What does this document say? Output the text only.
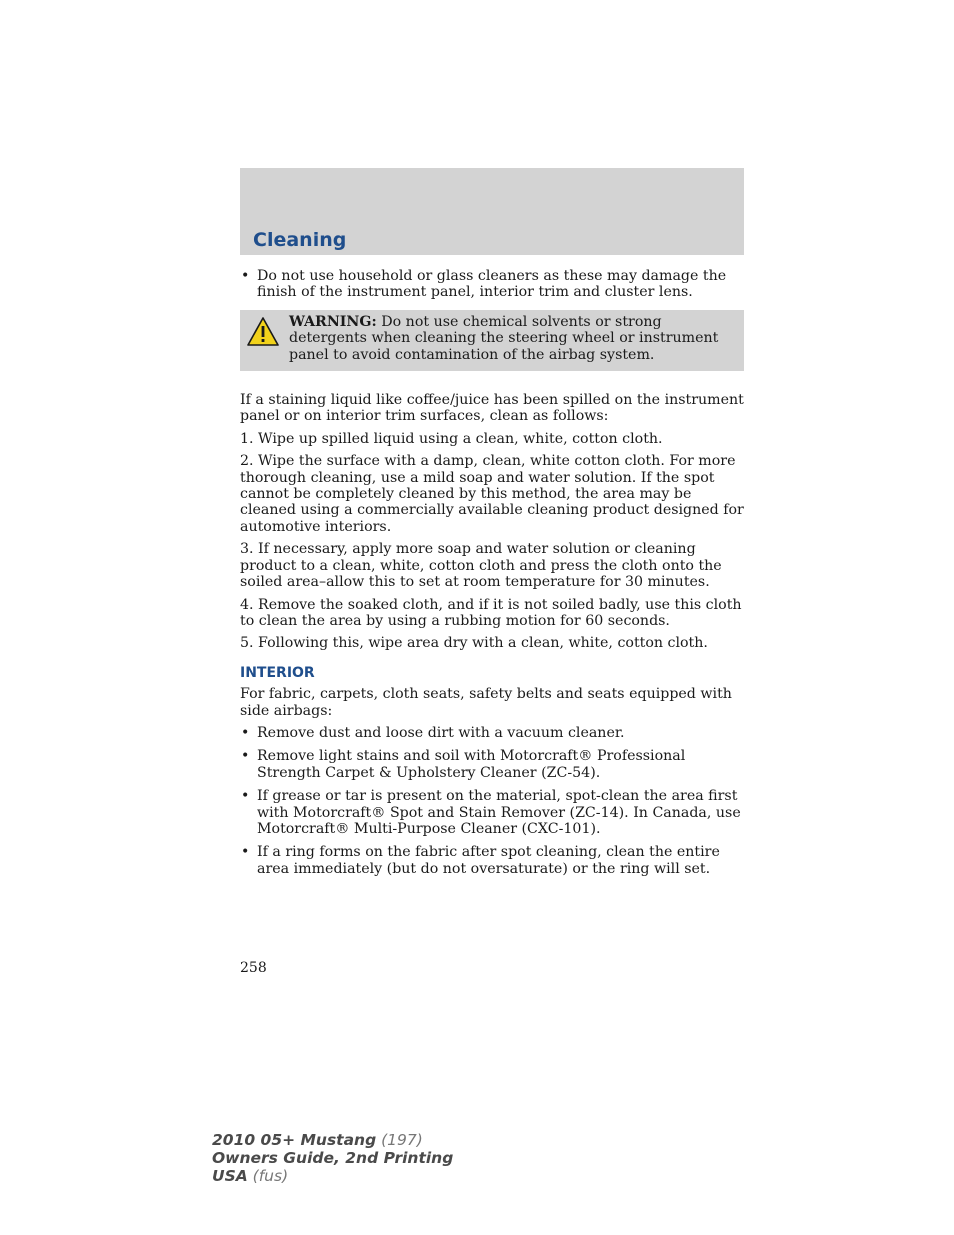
Cleaning
• Do not use household or glass cleaners as these may damage the finish of the instrument panel, interior trim and cluster lens.
WARNING: Do not use chemical solvents or strong detergents when cleaning the steering wheel or instrument panel to avoid contamination of the airbag system.

If a staining liquid like coffee/juice has been spilled on the instrument panel or on interior trim surfaces, clean as follows:

1. Wipe up spilled liquid using a clean, white, cotton cloth.

2. Wipe the surface with a damp, clean, white cotton cloth. For more thorough cleaning, use a mild soap and water solution. If the spot cannot be completely cleaned by this method, the area may be cleaned using a commercially available cleaning product designed for automotive interiors.

3. If necessary, apply more soap and water solution or cleaning product to a clean, white, cotton cloth and press the cloth onto the soiled area–allow this to set at room temperature for 30 minutes.

4. Remove the soaked cloth, and if it is not soiled badly, use this cloth to clean the area by using a rubbing motion for 60 seconds.

5. Following this, wipe area dry with a clean, white, cotton cloth.

INTERIOR

For fabric, carpets, cloth seats, safety belts and seats equipped with side airbags:

• Remove dust and loose dirt with a vacuum cleaner.
• Remove light stains and soil with Motorcraft® Professional Strength Carpet & Upholstery Cleaner (ZC-54).
• If grease or tar is present on the material, spot-clean the area first with Motorcraft® Spot and Stain Remover (ZC-14). In Canada, use Motorcraft® Multi-Purpose Cleaner (CXC-101).
• If a ring forms on the fabric after spot cleaning, clean the entire area immediately (but do not oversaturate) or the ring will set.
258
2010 05+ Mustang (197)
Owners Guide, 2nd Printing
USA (fus)
